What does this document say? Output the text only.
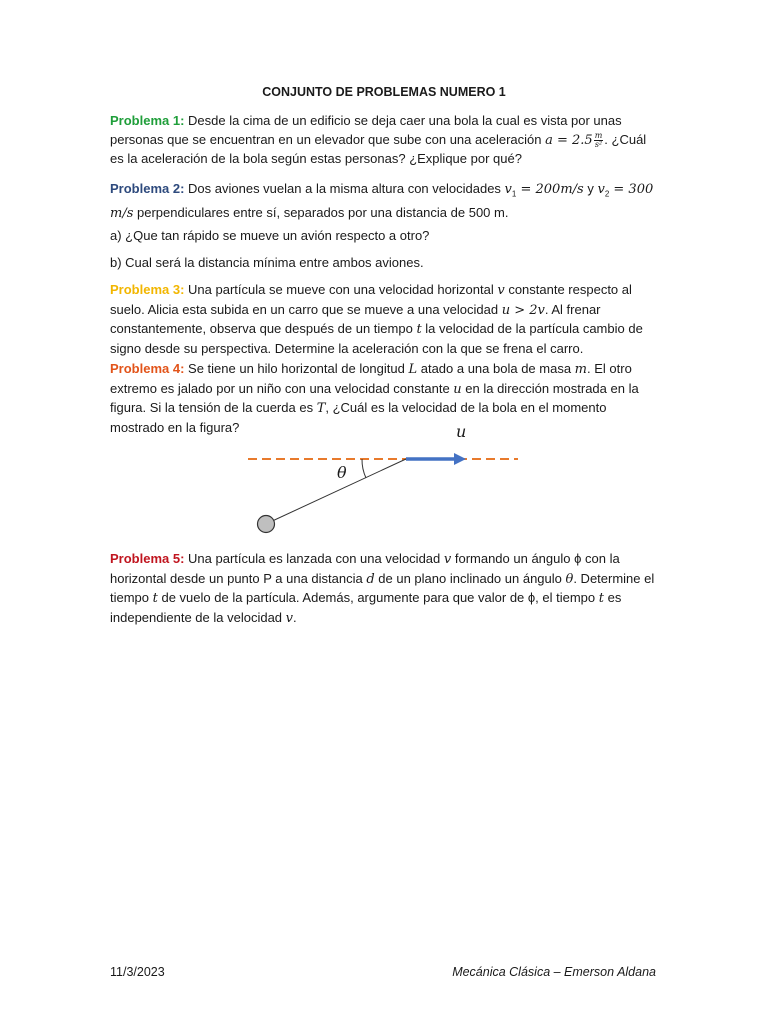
CONJUNTO DE PROBLEMAS NUMERO 1

Problema 1: Desde la cima de un edificio se deja caer una bola la cual es vista por unas personas que se encuentran en un elevador que sube con una aceleración $a = 2.5 \frac{m}{\text{s²}}$ . ¿Cuál es la aceleración de la bola según estas personas? ¿Explique por qué?

Problema 2: Dos aviones vuelan a la misma altura con velocidades $v_1 = 200m/s$ y $v_2 = 300$ m/s perpendiculares entre sí, separados por una distancia de 500 m.

a) ¿Que tan rápido se mueve un avión respecto a otro?

b) Cual será la distancia mínima entre ambos aviones.

Problema 3: Una partícula se mueve con una velocidad horizontal v constante respecto al suelo. Alicia esta subida en un carro que se mueve a una velocidad u > 2v. Al frenar constantemente, observa que después de un tiempo t la velocidad de la partícula cambio de signo desde su perspectiva. Determine la aceleración con la que se frena el carro.

Problema 4: Se tiene un hilo horizontal de longitud L atado a una bola de masa m. El otro extremo es jalado por un niño con una velocidad constante u en la dirección mostrada en la figura. Si la tensión de la cuerda es T, ¿Cuál es la velocidad de la bola en el momento mostrado en la figura?	u
θ

Problema 5: Una partícula es lanzada con una velocidad v formando un ángulo ϕ con la horizontal desde un punto P a una distancia d de un plano inclinado un ángulo θ. Determine el tiempo t de vuelo de la partícula. Además, argumente para que valor de ϕ, el tiempo t es independiente de la velocidad v.

11/3/2023	Mecánica Clásica – Emerson Aldana
